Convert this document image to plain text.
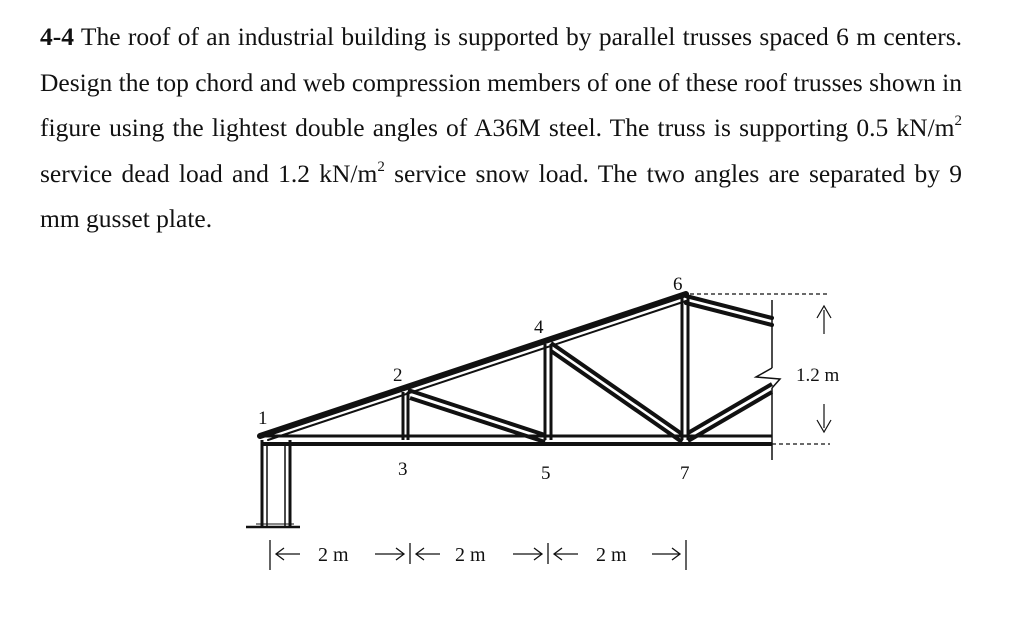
4-4 The roof of an industrial building is supported by parallel trusses spaced 6 m centers. Design the top chord and web compression members of one of these roof trusses shown in figure using the lightest double angles of A36M steel. The truss is supporting 0.5 $kN/m^2$ service dead load and 1.2 $kN/m^2$ service snow load. The two angles are separated by 9 mm gusset plate.

1.2 m
2 m	2 m	2 m
1
2
3
4
5
6
7
